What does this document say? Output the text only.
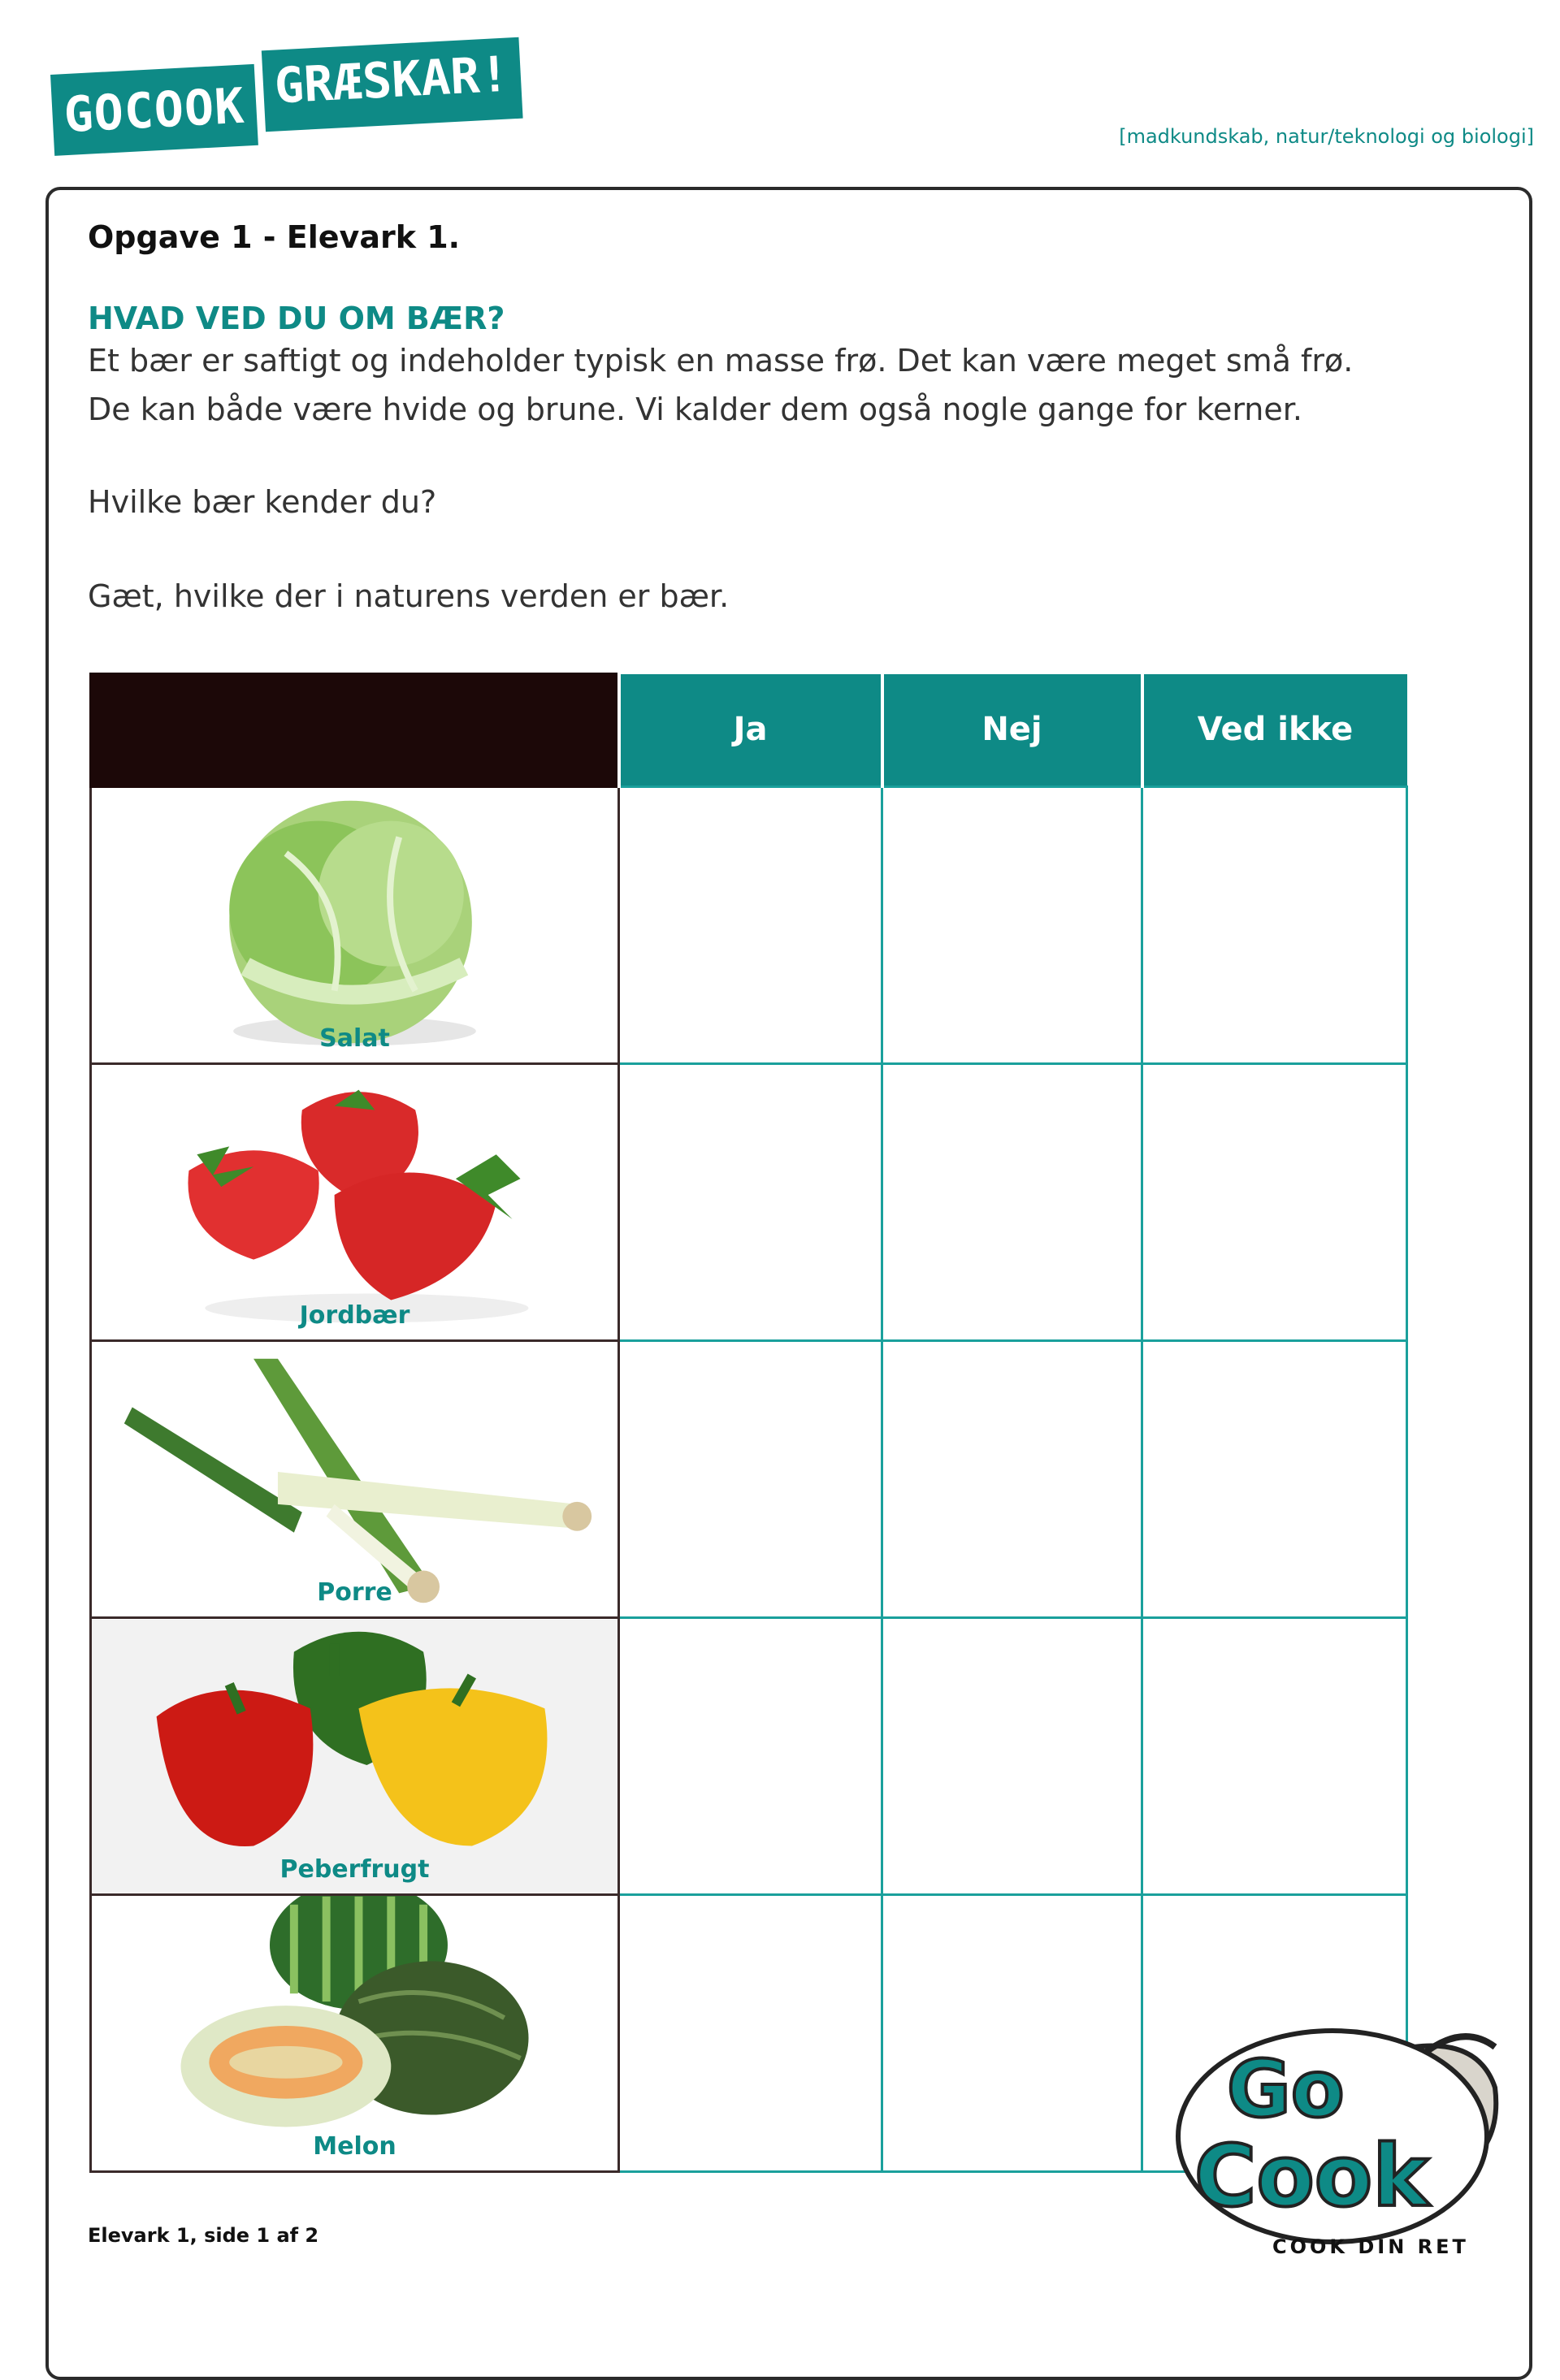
GOCOOK GRÆSKAR!
[madkundskab, natur/teknologi og biologi]
Opgave 1 - Elevark 1.
HVAD VED DU OM BÆR?
Et bær er saftigt og indeholder typisk en masse frø. Det kan være meget små frø.
De kan både være hvide og brune. Vi kalder dem også nogle gange for kerner.
Hvilke bær kender du?
Gæt, hvilke der i naturens verden er bær.
	Ja	Nej	Ved ikke

Salat			

Jordbær			

Porre			

Peberfrugt			

Melon			

Elevark 1, side 1 af 2
Go
Cook
COOK DIN RET
